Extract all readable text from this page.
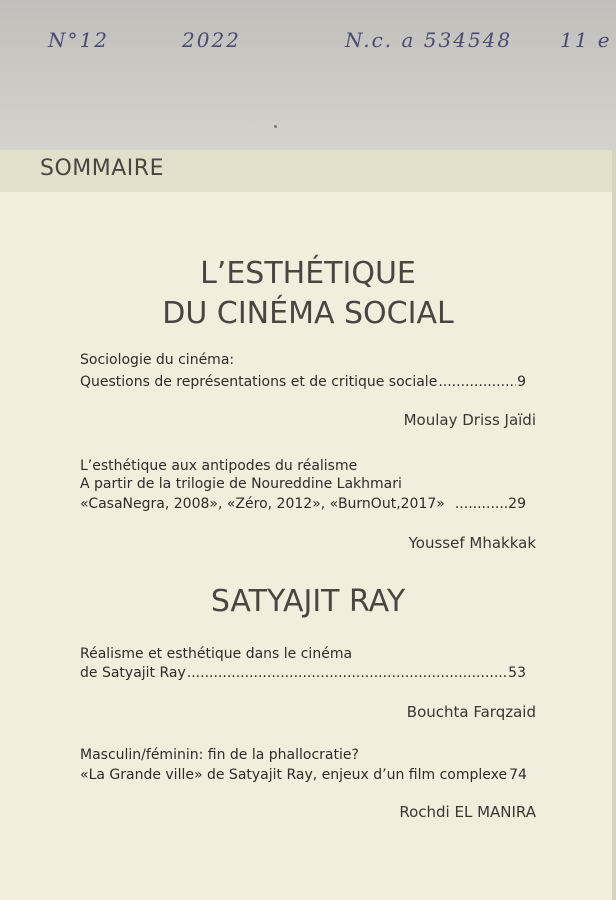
N°12	2022	N.c. a 534548 11 e
SOMMAIRE
L’ESTHÉTIQUE
DU CINÉMA SOCIAL
Sociologie du cinéma:
Questions de représentations et de critique sociale .....	9
Moulay Driss Jaïdi
L’esthétique aux antipodes du réalisme
A partir de la trilogie de Noureddine Lakhmari
«CasaNegra, 2008», «Zéro, 2012», «BurnOut,2017» .....	29
Youssef Mhakkak
SATYAJIT RAY
Réalisme et esthétique dans le cinéma
de Satyajit Ray .....	53
Bouchta Farqzaid
Masculin/féminin: fin de la phallocratie?
«La Grande ville» de Satyajit Ray, enjeux d’un film complexe 74
Rochdi EL MANIRA
